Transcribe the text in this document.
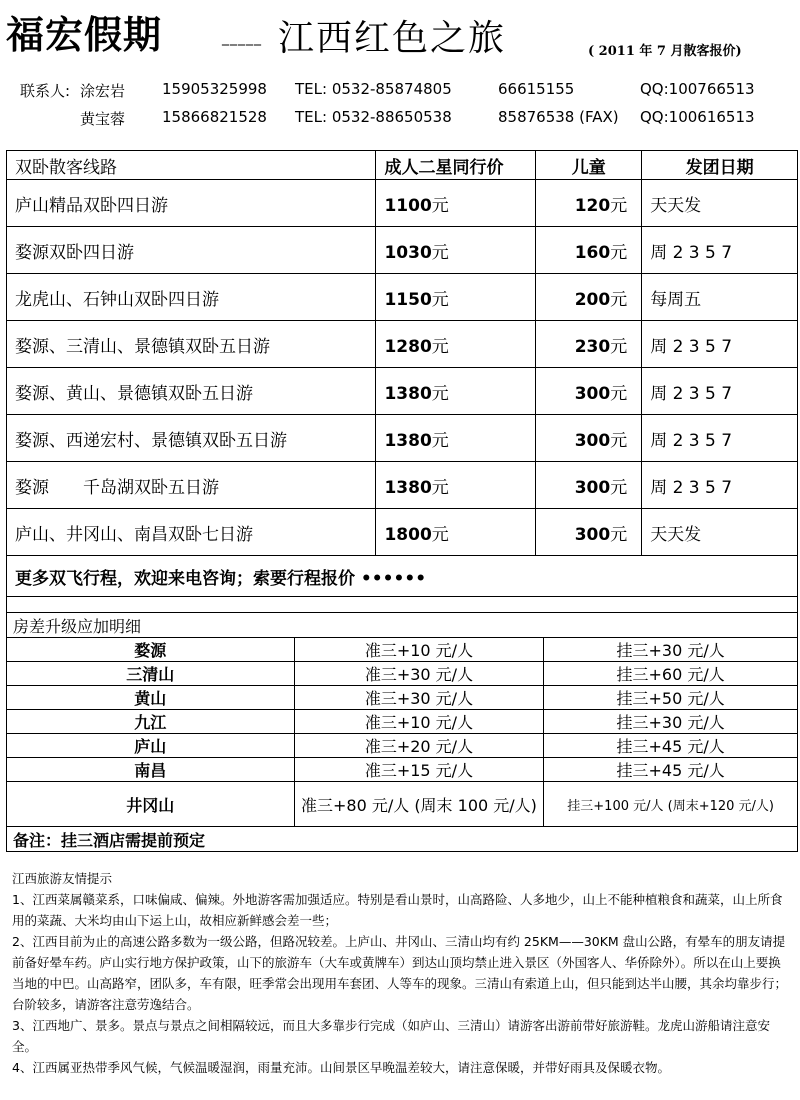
福宏假期	_____ 江西红色之旅	( 2011 年 7 月散客报价)
联系人: 涂宏岩 15905325998 TEL: 0532-85874805	66615155	QQ:100766513
黄宝蓉 15866821528 TEL: 0532-88650538	85876538 (FAX) QQ:100616513
双卧散客线路	成人二星同行价	儿童	发团日期
庐山精品双卧四日游	1100元	120元	天天发
婺源双卧四日游	1030元	160元	周 2 3 5 7
龙虎山、石钟山双卧四日游	1150元	200元	每周五
婺源、三清山、景德镇双卧五日游	1280元	230元	周 2 3 5 7
婺源、黄山、景德镇双卧五日游	1380元	300元	周 2 3 5 7
婺源、西递宏村、景德镇双卧五日游	1380元	300元	周 2 3 5 7
婺源　　千岛湖双卧五日游	1380元	300元	周 2 3 5 7
庐山、井冈山、南昌双卧七日游	1800元	300元	天天发
更多双飞行程，欢迎来电咨询；索要行程报价 ••••••			

房差升级应加明细		
婺源	准三+10 元/人	挂三+30 元/人
三清山	准三+30 元/人	挂三+60 元/人
黄山	准三+30 元/人	挂三+50 元/人
九江	准三+10 元/人	挂三+30 元/人
庐山	准三+20 元/人	挂三+45 元/人
南昌	准三+15 元/人	挂三+45 元/人
井冈山	准三+80 元/人 (周末 100 元/人)	挂三+100 元/人 (周末+120 元/人)
备注：挂三酒店需提前预定		

江西旅游友情提示

1、江西菜属赣菜系，口味偏咸、偏辣。外地游客需加强适应。特别是看山景时，山高路险、人多地少，山上不能种植粮食和蔬菜，山上所食用的菜蔬、大米均由山下运上山，故相应新鲜感会差一些；

2、江西目前为止的高速公路多数为一级公路，但路况较差。上庐山、井冈山、三清山均有约 25KM——30KM 盘山公路，有晕车的朋友请提前备好晕车药。庐山实行地方保护政策，山下的旅游车（大车或黄牌车）到达山顶均禁止进入景区（外国客人、华侨除外）。所以在山上要换当地的中巴。山高路窄，团队多，车有限，旺季常会出现用车套团、人等车的现象。三清山有索道上山，但只能到达半山腰，其余均靠步行；台阶较多，请游客注意劳逸结合。

3、江西地广、景多。景点与景点之间相隔较远，而且大多靠步行完成（如庐山、三清山）请游客出游前带好旅游鞋。龙虎山游船请注意安全。

4、江西属亚热带季风气候，气候温暖湿润，雨量充沛。山间景区早晚温差较大，请注意保暖，并带好雨具及保暖衣物。
